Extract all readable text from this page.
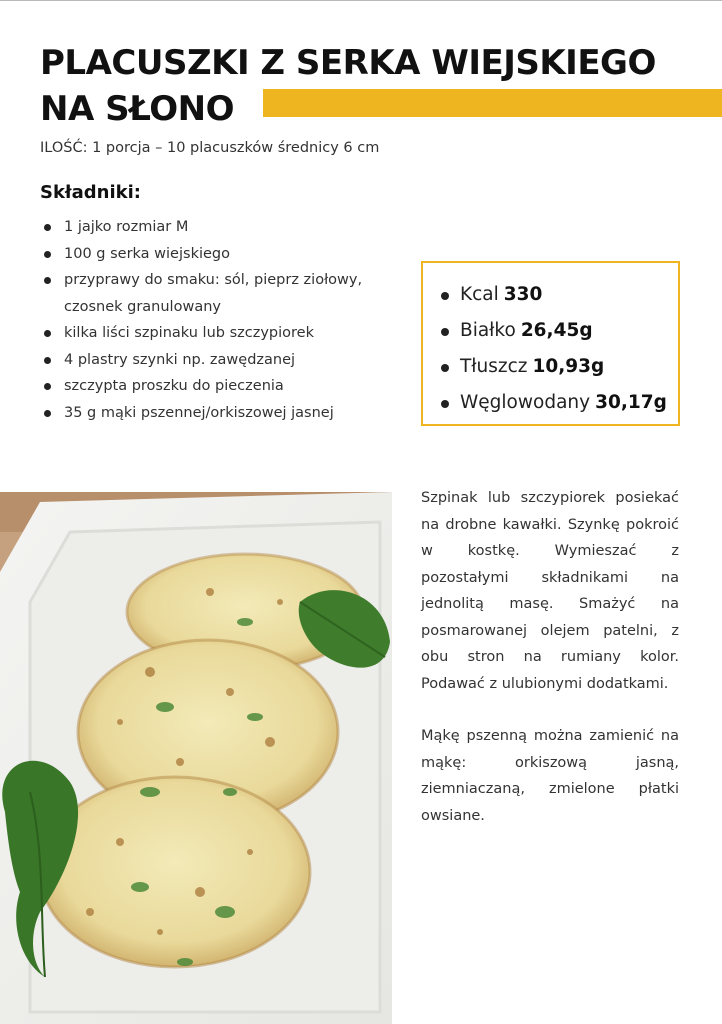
PLACUSZKI Z SERKA WIEJSKIEGO
NA SŁONO
ILOŚĆ: 1 porcja – 10 placuszków średnicy 6 cm
Składniki:
1 jajko rozmiar M
100 g serka wiejskiego
przyprawy do smaku: sól, pieprz ziołowy, czosnek granulowany
kilka liści szpinaku lub szczypiorek
4 plastry szynki np. zawędzanej
szczypta proszku do pieczenia
35 g mąki pszennej/orkiszowej jasnej
Kcal 330
Białko 26,45g
Tłuszcz 10,93g
Węglowodany 30,17g

Szpinak lub szczypiorek posiekać na drobne kawałki. Szynkę pokroić w kostkę. Wymieszać z pozostałymi składnikami na jednolitą masę. Smażyć na posmarowanej olejem patelni, z obu stron na rumiany kolor. Podawać z ulubionymi dodatkami.

Mąkę pszenną można zamienić na mąkę: orkiszową jasną, ziemniaczaną, zmielone płatki owsiane.
